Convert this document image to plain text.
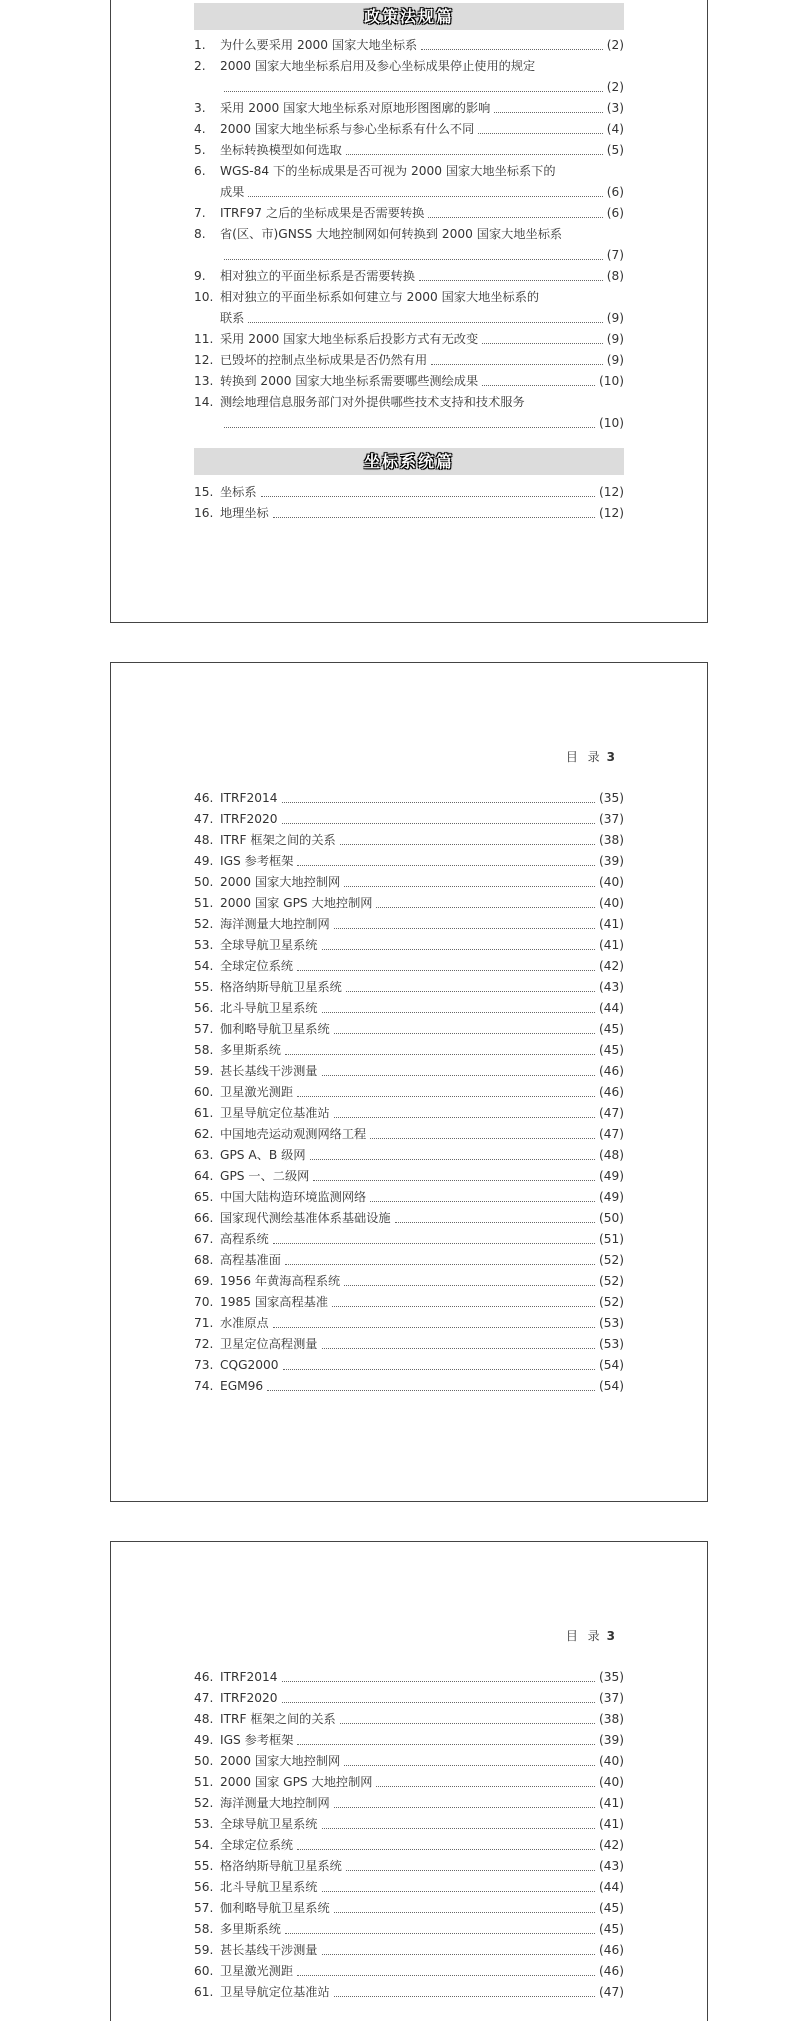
政策法规篇
1.	为什么要采用 2000 国家大地坐标系	(2)
2.	2000 国家大地坐标系启用及参心坐标成果停止使用的规定
(2)
3.	采用 2000 国家大地坐标系对原地形图图廓的影响	(3)
4.	2000 国家大地坐标系与参心坐标系有什么不同	(4)
5.	坐标转换模型如何选取	(5)
6.	WGS-84 下的坐标成果是否可视为 2000 国家大地坐标系下的
成果	(6)
7.	ITRF97 之后的坐标成果是否需要转换	(6)
8.	省(区、市)GNSS 大地控制网如何转换到 2000 国家大地坐标系
(7)
9.	相对独立的平面坐标系是否需要转换	(8)
10. 相对独立的平面坐标系如何建立与 2000 国家大地坐标系的
联系	(9)
11. 采用 2000 国家大地坐标系后投影方式有无改变	(9)
12. 已毁坏的控制点坐标成果是否仍然有用	(9)
13. 转换到 2000 国家大地坐标系需要哪些测绘成果	(10)
14. 测绘地理信息服务部门对外提供哪些技术支持和技术服务
(10)
坐标系统篇
15. 坐标系	(12)
16. 地理坐标	(12)
目 录 3
46. ITRF2014	(35)
47. ITRF2020	(37)
48. ITRF 框架之间的关系	(38)
49. IGS 参考框架	(39)
50. 2000 国家大地控制网	(40)
51. 2000 国家 GPS 大地控制网	(40)
52. 海洋测量大地控制网	(41)
53. 全球导航卫星系统	(41)
54. 全球定位系统	(42)
55. 格洛纳斯导航卫星系统	(43)
56. 北斗导航卫星系统	(44)
57. 伽利略导航卫星系统	(45)
58. 多里斯系统	(45)
59. 甚长基线干涉测量	(46)
60. 卫星激光测距	(46)
61. 卫星导航定位基准站	(47)
62. 中国地壳运动观测网络工程	(47)
63. GPS A、B 级网	(48)
64. GPS 一、二级网	(49)
65. 中国大陆构造环境监测网络	(49)
66. 国家现代测绘基准体系基础设施	(50)
67. 高程系统	(51)
68. 高程基准面	(52)
69. 1956 年黄海高程系统	(52)
70. 1985 国家高程基准	(52)
71. 水准原点	(53)
72. 卫星定位高程测量	(53)
73. CQG2000	(54)
74. EGM96	(54)
目 录 3
46. ITRF2014	(35)
47. ITRF2020	(37)
48. ITRF 框架之间的关系	(38)
49. IGS 参考框架	(39)
50. 2000 国家大地控制网	(40)
51. 2000 国家 GPS 大地控制网	(40)
52. 海洋测量大地控制网	(41)
53. 全球导航卫星系统	(41)
54. 全球定位系统	(42)
55. 格洛纳斯导航卫星系统	(43)
56. 北斗导航卫星系统	(44)
57. 伽利略导航卫星系统	(45)
58. 多里斯系统	(45)
59. 甚长基线干涉测量	(46)
60. 卫星激光测距	(46)
61. 卫星导航定位基准站	(47)
